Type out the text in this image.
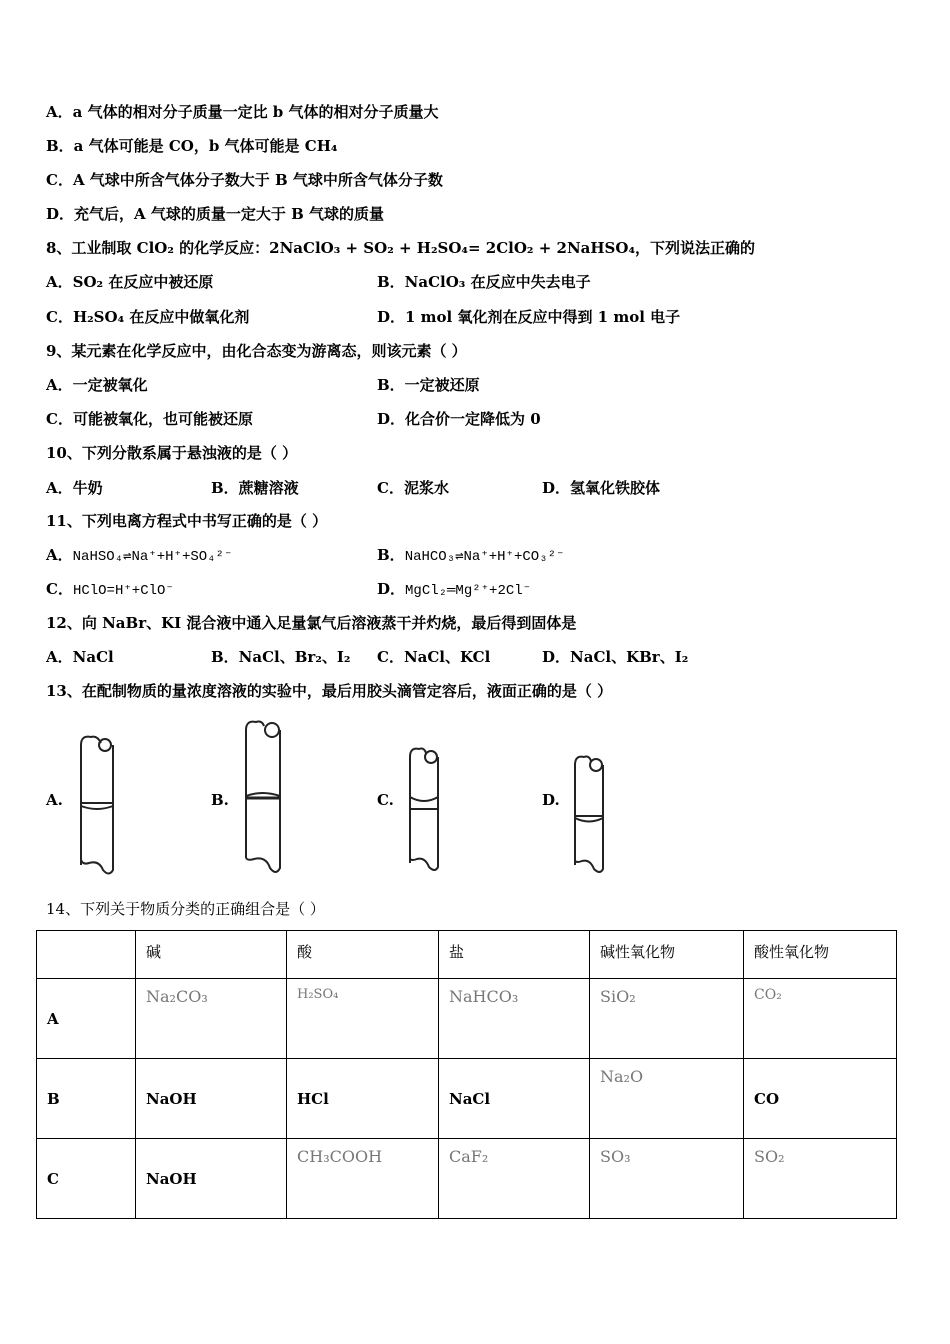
A．a 气体的相对分子质量一定比 b 气体的相对分子质量大
B．a 气体可能是 CO，b 气体可能是 CH₄
C．A 气球中所含气体分子数大于 B 气球中所含气体分子数
D．充气后，A 气球的质量一定大于 B 气球的质量
8、工业制取 ClO₂ 的化学反应：2NaClO₃ + SO₂ + H₂SO₄= 2ClO₂ + 2NaHSO₄，下列说法正确的
A．SO₂ 在反应中被还原	B．NaClO₃ 在反应中失去电子
C．H₂SO₄ 在反应中做氧化剂	D．1 mol 氧化剂在反应中得到 1 mol 电子
9、某元素在化学反应中，由化合态变为游离态，则该元素（ ）
A．一定被氧化	B．一定被还原
C．可能被氧化，也可能被还原	D．化合价一定降低为 0
10、下列分散系属于悬浊液的是（ ）
A．牛奶	B．蔗糖溶液	C．泥浆水	D．氢氧化铁胶体
11、下列电离方程式中书写正确的是（ ）
A．NaHSO₄⇌Na⁺+H⁺+SO₄²⁻	B．NaHCO₃⇌Na⁺+H⁺+CO₃²⁻
C．HClO=H⁺+ClO⁻	D．MgCl₂═Mg²⁺+2Cl⁻
12、向 NaBr、KI 混合液中通入足量氯气后溶液蒸干并灼烧，最后得到固体是
A．NaCl	B．NaCl、Br₂、I₂ C．NaCl、KCl	D．NaCl、KBr、I₂
13、在配制物质的量浓度溶液的实验中，最后用胶头滴管定容后，液面正确的是（ ）
A.	B.	C.	D.
14、下列关于物质分类的正确组合是（ ）
	碱	酸	盐	碱性氧化物	酸性氧化物
A	Na₂CO₃	H₂SO₄	NaHCO₃	SiO₂	CO₂
B	NaOH	HCl	NaCl	Na₂O	CO
C	NaOH	CH₃COOH	CaF₂	SO₃	SO₂
